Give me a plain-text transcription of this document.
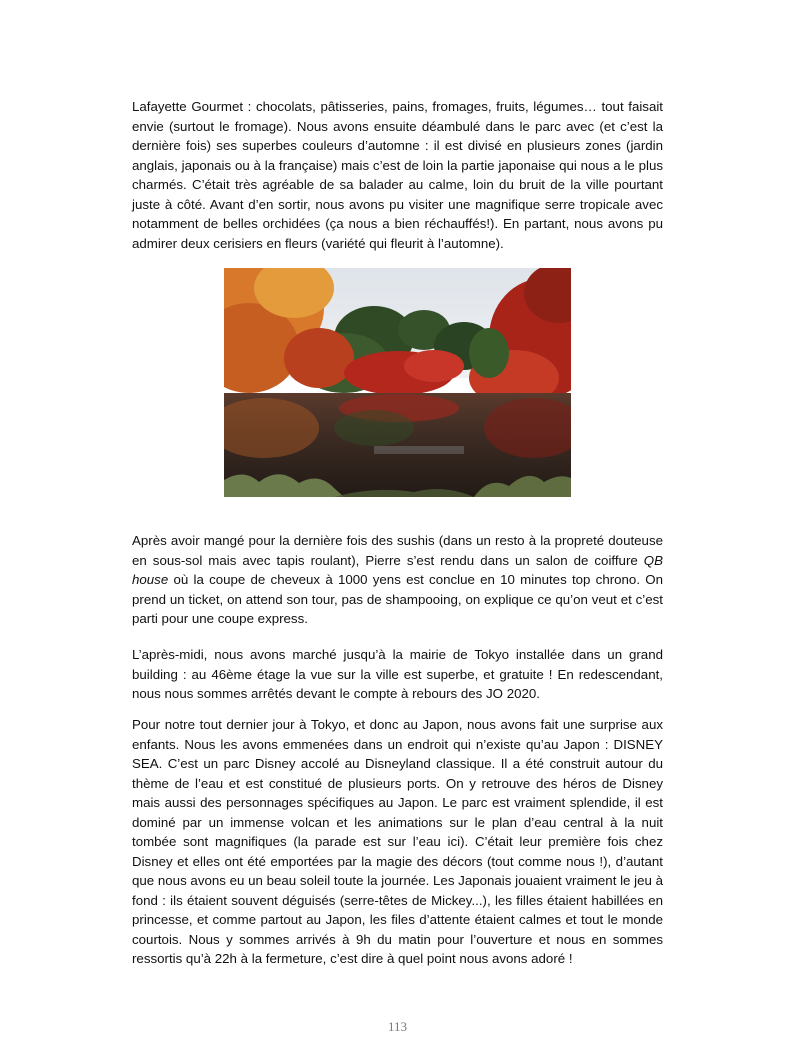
Lafayette Gourmet : chocolats, pâtisseries, pains, fromages, fruits, légumes… tout faisait envie (surtout le fromage). Nous avons ensuite déambulé dans le parc avec (et c’est la dernière fois) ses superbes couleurs d’automne : il est divisé en plusieurs zones (jardin anglais, japonais ou à la française) mais c’est de loin la partie japonaise qui nous a le plus charmés. C’était très agréable de sa balader au calme, loin du bruit de la ville pourtant juste à côté. Avant d’en sortir, nous avons pu visiter une magnifique serre tropicale avec notamment de belles orchidées (ça nous a bien réchauffés!). En partant, nous avons pu admirer deux cerisiers en fleurs (variété qui fleurit à l’automne).

Après avoir mangé pour la dernière fois des sushis (dans un resto à la propreté douteuse en sous-sol mais avec tapis roulant), Pierre s’est rendu dans un salon de coiffure QB house où la coupe de cheveux à 1000 yens est conclue en 10 minutes top chrono. On prend un ticket, on attend son tour, pas de shampooing, on explique ce qu’on veut et c’est parti pour une coupe express.

L’après-midi, nous avons marché jusqu’à la mairie de Tokyo installée dans un grand building : au 46ème étage la vue sur la ville est superbe, et gratuite ! En redescendant, nous nous sommes arrêtés devant le compte à rebours des JO 2020.

Pour notre tout dernier jour à Tokyo, et donc au Japon, nous avons fait une surprise aux enfants. Nous les avons emmenées dans un endroit qui n’existe qu’au Japon : DISNEY SEA. C’est un parc Disney accolé au Disneyland classique. Il a été construit autour du thème de l’eau et est constitué de plusieurs ports. On y retrouve des héros de Disney mais aussi des personnages spécifiques au Japon. Le parc est vraiment splendide, il est dominé par un immense volcan et les animations sur le plan d’eau central à la nuit tombée sont magnifiques (la parade est sur l’eau ici). C’était leur première fois chez Disney et elles ont été emportées par la magie des décors (tout comme nous !), d’autant que nous avons eu un beau soleil toute la journée. Les Japonais jouaient vraiment le jeu à fond : ils étaient souvent déguisés (serre-têtes de Mickey...), les filles étaient habillées en princesse, et comme partout au Japon, les files d’attente étaient calmes et tout le monde courtois. Nous y sommes arrivés à 9h du matin pour l’ouverture et nous en sommes ressortis qu’à 22h à la fermeture, c’est dire à quel point nous avons adoré !

113
